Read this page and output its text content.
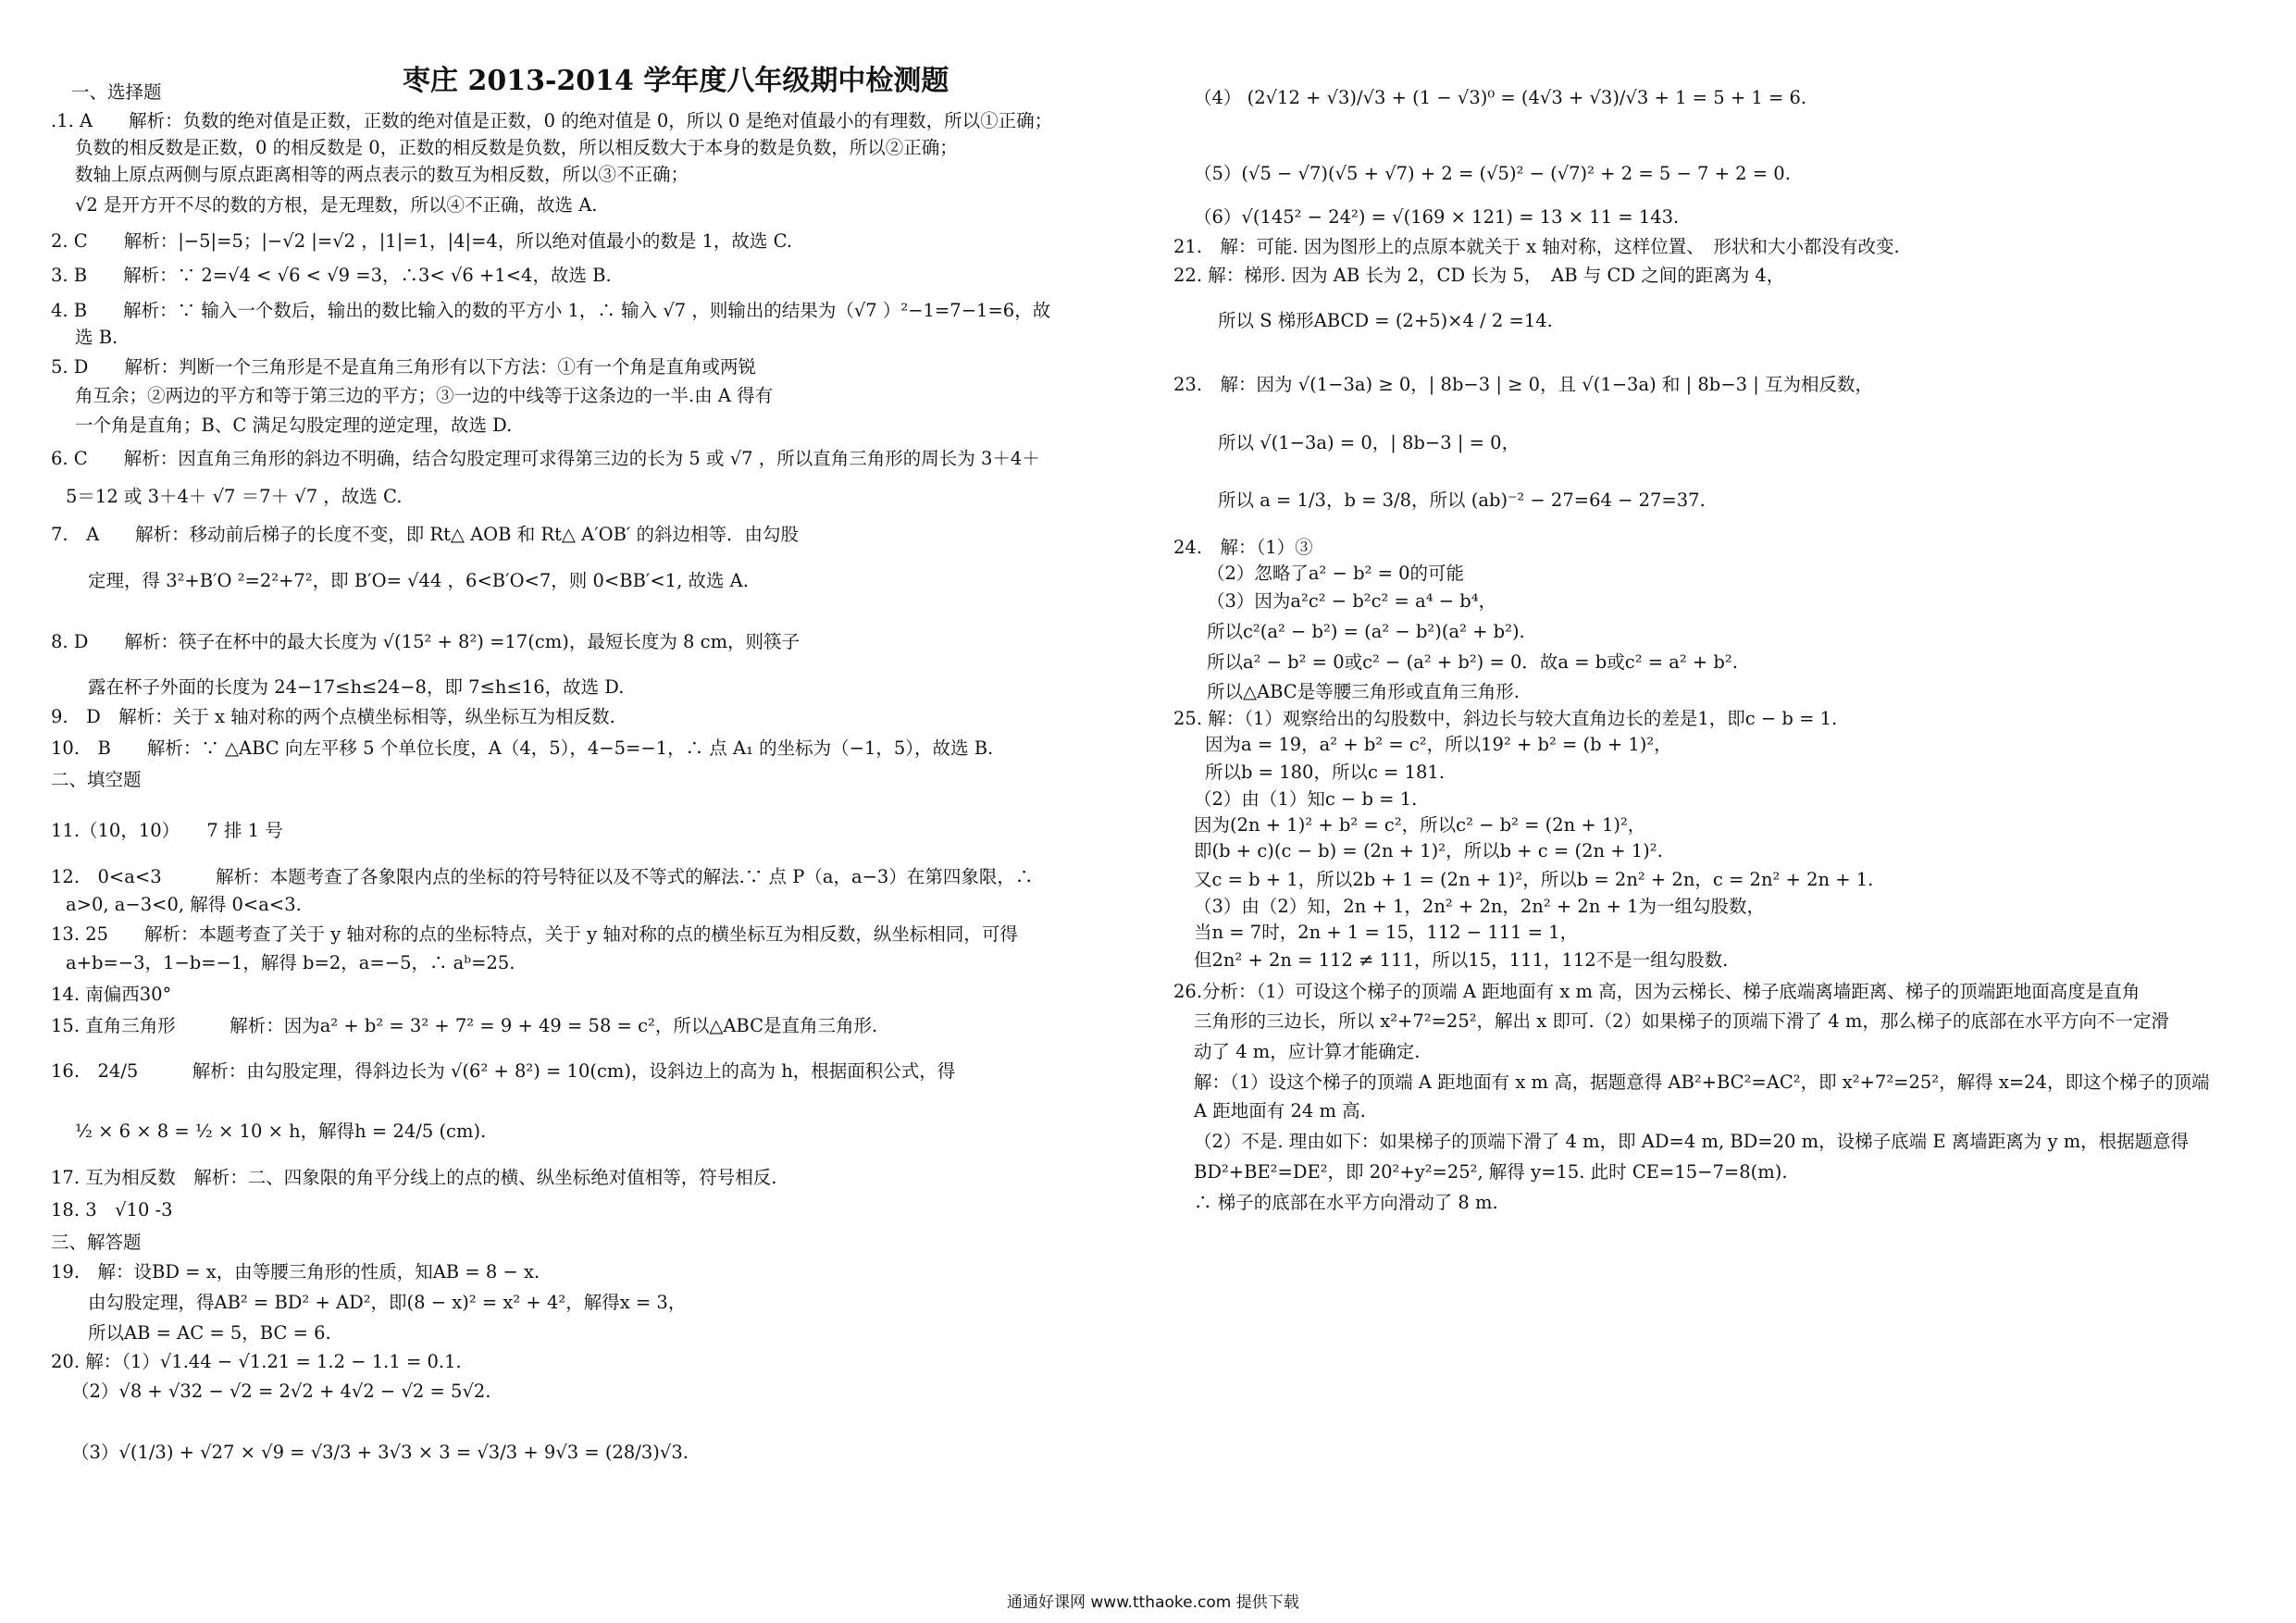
枣庄 2013-2014 学年度八年级期中检测题
一、选择题
.1. A　　解析：负数的绝对值是正数，正数的绝对值是正数，0 的绝对值是 0，所以 0 是绝对值最小的有理数，所以①正确；
负数的相反数是正数，0 的相反数是 0，正数的相反数是负数，所以相反数大于本身的数是负数，所以②正确；
数轴上原点两侧与原点距离相等的两点表示的数互为相反数，所以③不正确；
√2 是开方开不尽的数的方根，是无理数，所以④不正确，故选 A.
2. C　　解析：|−5|=5；|−√2 |=√2 ，|1|=1，|4|=4，所以绝对值最小的数是 1，故选 C.
3. B　　解析：∵ 2=√4 < √6 < √9 =3，∴3< √6 +1<4，故选 B.
4. B　　解析：∵ 输入一个数后，输出的数比输入的数的平方小 1，∴ 输入 √7 ，则输出的结果为（√7 ）²−1=7−1=6，故
选 B.
5. D　　解析：判断一个三角形是不是直角三角形有以下方法：①有一个角是直角或两锐
角互余；②两边的平方和等于第三边的平方；③一边的中线等于这条边的一半.由 A 得有
一个角是直角；B、C 满足勾股定理的逆定理，故选 D.
6. C　　解析：因直角三角形的斜边不明确，结合勾股定理可求得第三边的长为 5 或 √7 ，所以直角三角形的周长为 3＋4＋
5＝12 或 3＋4＋ √7 ＝7＋ √7 ，故选 C.
7.　A　　解析：移动前后梯子的长度不变，即 Rt△ AOB 和 Rt△ A′OB′ 的斜边相等．由勾股
定理，得 3²+B′O ²=2²+7²，即 B′O= √44 ，6<B′O<7，则 0<BB′<1, 故选 A.
8. D　　解析：筷子在杯中的最大长度为 √(15² + 8²) =17(cm)，最短长度为 8 cm，则筷子
露在杯子外面的长度为 24−17≤h≤24−8，即 7≤h≤16，故选 D.
9.　D　解析：关于 x 轴对称的两个点横坐标相等，纵坐标互为相反数.
10.　B　　解析：∵ △ABC 向左平移 5 个单位长度，A（4，5），4−5=−1，∴ 点 A₁ 的坐标为（−1，5），故选 B.
二、填空题
11.（10，10）　　7 排 1 号
12.　0<a<3　　　解析：本题考查了各象限内点的坐标的符号特征以及不等式的解法.∵ 点 P（a，a−3）在第四象限，∴
a>0, a−3<0, 解得 0<a<3.
13. 25　　解析：本题考查了关于 y 轴对称的点的坐标特点，关于 y 轴对称的点的横坐标互为相反数，纵坐标相同，可得
a+b=−3，1−b=−1，解得 b=2，a=−5，∴ aᵇ=25.
14. 南偏西30°
15. 直角三角形　　　解析：因为a² + b² = 3² + 7² = 9 + 49 = 58 = c²，所以△ABC是直角三角形.
16.　24/5　　　解析：由勾股定理，得斜边长为 √(6² + 8²) = 10(cm)，设斜边上的高为 h，根据面积公式，得
½ × 6 × 8 = ½ × 10 × h，解得h = 24/5 (cm).
17. 互为相反数　解析：二、四象限的角平分线上的点的横、纵坐标绝对值相等，符号相反.
18. 3　√10 -3
三、解答题
19.　解：设BD = x，由等腰三角形的性质，知AB = 8 − x.
由勾股定理，得AB² = BD² + AD²，即(8 − x)² = x² + 4²，解得x = 3，
所以AB = AC = 5，BC = 6.
20. 解：（1）√1.44 − √1.21 = 1.2 − 1.1 = 0.1.
（2）√8 + √32 − √2 = 2√2 + 4√2 − √2 = 5√2.
（3）√(1/3) + √27 × √9 = √3/3 + 3√3 × 3 = √3/3 + 9√3 = (28/3)√3.
（4） (2√12 + √3)/√3 + (1 − √3)⁰ = (4√3 + √3)/√3 + 1 = 5 + 1 = 6.
（5）(√5 − √7)(√5 + √7) + 2 = (√5)² − (√7)² + 2 = 5 − 7 + 2 = 0.
（6）√(145² − 24²) = √(169 × 121) = 13 × 11 = 143.
21.　解：可能. 因为图形上的点原本就关于 x 轴对称，这样位置、　形状和大小都没有改变.
22. 解：梯形. 因为 AB 长为 2，CD 长为 5，　AB 与 CD 之间的距离为 4，
所以 S 梯形ABCD = (2+5)×4 / 2 =14.
23.　解：因为 √(1−3a) ≥ 0，| 8b−3 | ≥ 0，且 √(1−3a) 和 | 8b−3 | 互为相反数，
所以 √(1−3a) = 0，| 8b−3 | = 0，
所以 a = 1/3，b = 3/8，所以 (ab)⁻² − 27=64 − 27=37.
24.　解：（1）③
（2）忽略了a² − b² = 0的可能
（3）因为a²c² − b²c² = a⁴ − b⁴，
所以c²(a² − b²) = (a² − b²)(a² + b²).
所以a² − b² = 0或c² − (a² + b²) = 0．故a = b或c² = a² + b².
所以△ABC是等腰三角形或直角三角形.
25. 解：（1）观察给出的勾股数中，斜边长与较大直角边长的差是1，即c − b = 1.
因为a = 19，a² + b² = c²，所以19² + b² = (b + 1)²，
所以b = 180，所以c = 181.
（2）由（1）知c − b = 1.
因为(2n + 1)² + b² = c²，所以c² − b² = (2n + 1)²，
即(b + c)(c − b) = (2n + 1)²，所以b + c = (2n + 1)².
又c = b + 1，所以2b + 1 = (2n + 1)²，所以b = 2n² + 2n，c = 2n² + 2n + 1.
（3）由（2）知，2n + 1，2n² + 2n，2n² + 2n + 1为一组勾股数，
当n = 7时，2n + 1 = 15，112 − 111 = 1，
但2n² + 2n = 112 ≠ 111，所以15，111，112不是一组勾股数.
26.分析：（1）可设这个梯子的顶端 A 距地面有 x m 高，因为云梯长、梯子底端离墙距离、梯子的顶端距地面高度是直角
三角形的三边长，所以 x²+7²=25²，解出 x 即可.（2）如果梯子的顶端下滑了 4 m，那么梯子的底部在水平方向不一定滑
动了 4 m，应计算才能确定.
解：（1）设这个梯子的顶端 A 距地面有 x m 高，据题意得 AB²+BC²=AC²，即 x²+7²=25²，解得 x=24，即这个梯子的顶端
A 距地面有 24 m 高.
（2）不是. 理由如下：如果梯子的顶端下滑了 4 m，即 AD=4 m, BD=20 m，设梯子底端 E 离墙距离为 y m，根据题意得
BD²+BE²=DE²，即 20²+y²=25², 解得 y=15. 此时 CE=15−7=8(m).
∴ 梯子的底部在水平方向滑动了 8 m.
通通好课网 www.tthaoke.com 提供下载
